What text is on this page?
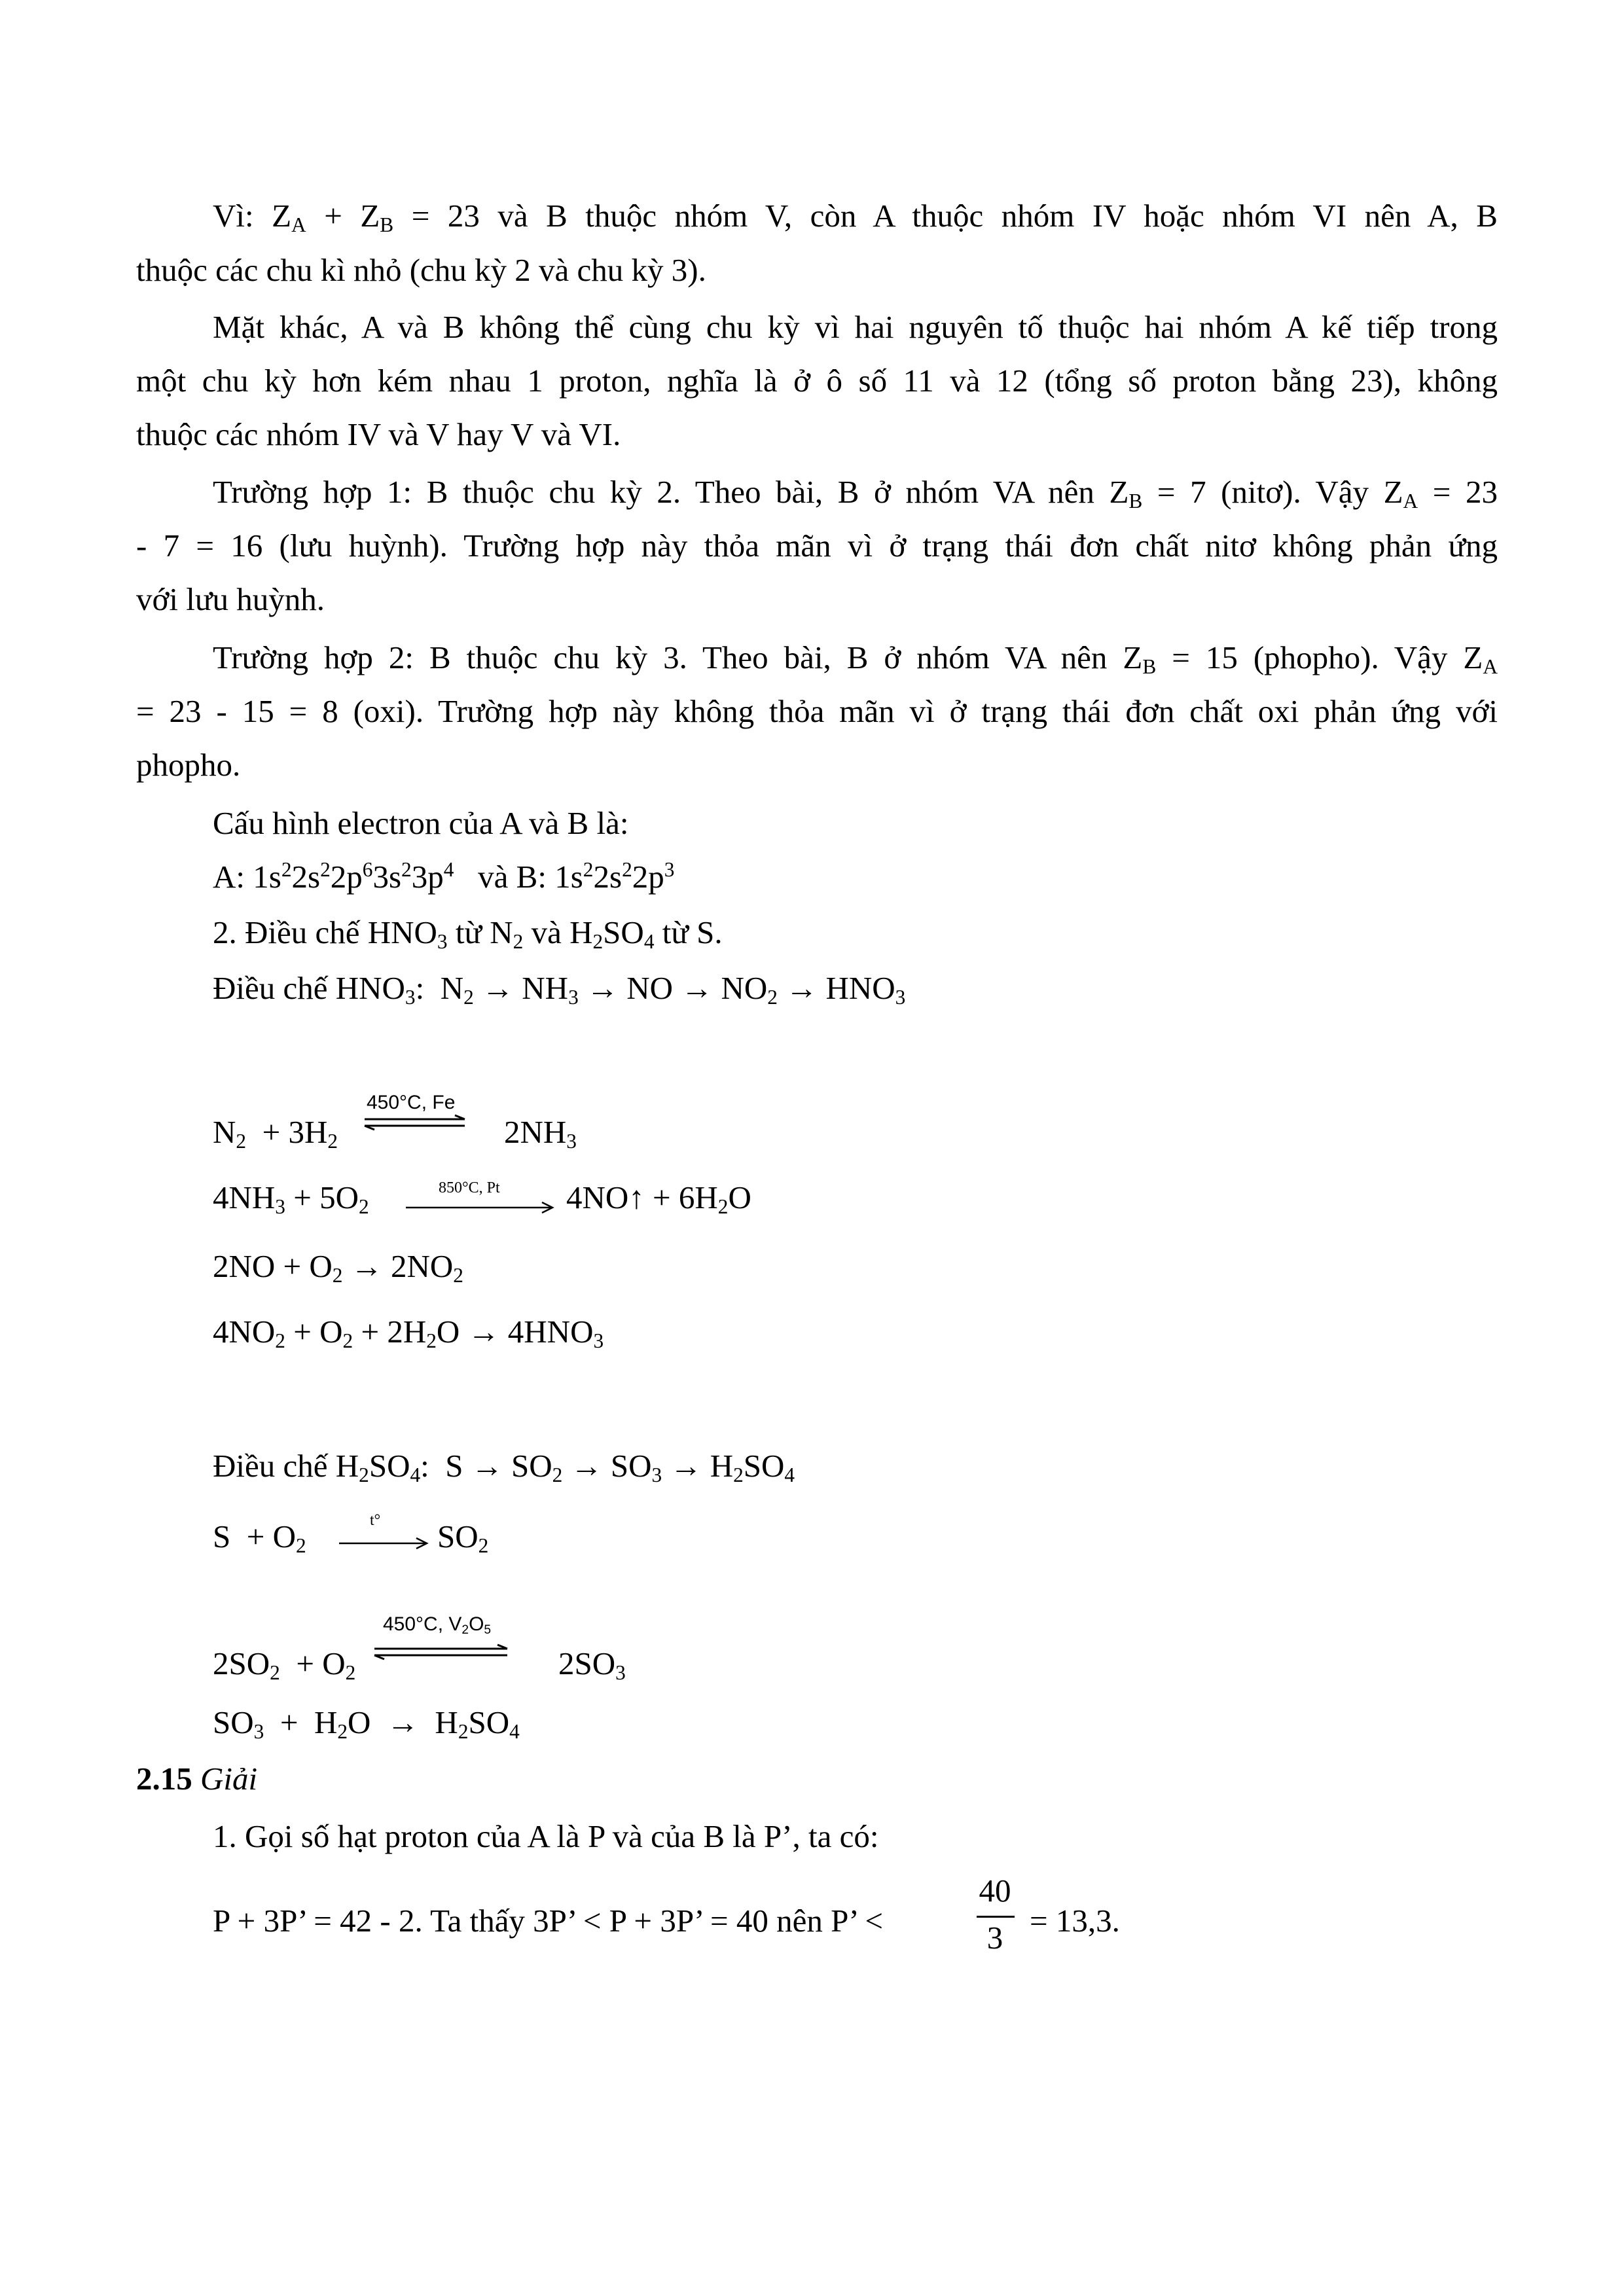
Vì: $Z_A + Z_B = 23$ và B thuộc nhóm V, còn A thuộc nhóm IV hoặc nhóm VI nên A, B
thuộc các chu kì nhỏ (chu kỳ 2 và chu kỳ 3).
Mặt khác, A và B không thể cùng chu kỳ vì hai nguyên tố thuộc hai nhóm A kế tiếp trong
một chu kỳ hơn kém nhau 1 proton, nghĩa là ở ô số 11 và 12 (tổng số proton bằng 23), không
thuộc các nhóm IV và V hay V và VI.
Trường hợp 1: B thuộc chu kỳ 2. Theo bài, B ở nhóm VA nên $Z_B = 7$ (nitơ). Vậy $Z_A = 23$
- 7 = 16 (lưu huỳnh). Trường hợp này thỏa mãn vì ở trạng thái đơn chất nitơ không phản ứng
với lưu huỳnh.
Trường hợp 2: B thuộc chu kỳ 3. Theo bài, B ở nhóm VA nên $Z_B = 15$ (phopho). Vậy $Z_A$
= 23 - 15 = 8 (oxi). Trường hợp này không thỏa mãn vì ở trạng thái đơn chất oxi phản ứng với
phopho.
Cấu hình electron của A và B là:
A: $1s^22s^22p^63s^23p^4$   và B: $1s^22s^22p^3$
2. Điều chế $HNO_3$ từ $N_2$ và $H_2SO_4$ từ S.
Điều chế $HNO_3$:  $N_2 \to NH_3$ → NO → $NO_2 \to HNO_3$
450°C, Fe
$N_2 + 3H_2$	$2NH_3$
$4NH_3 + 5O_2$
850°C, Pt 4NO↑ + $6H_2O$
$2NO + O_2 \to 2NO_2$
$4NO_2 + O_2 + 2H_2O \to 4HNO_3$
Điều chế $H_2SO_4$:  $S \to SO_2 \to SO_3 \to H_2SO_4$
$S + O_2$
t° $SO_2$
450°C, $V_2O_5$
$2SO_2 + O_2$	$2SO_3$
$SO_3 + H_2O \to H_2SO_4$
2.15 Giải
1. Gọi số hạt proton của A là P và của B là P’, ta có:
P + 3P’ = 42 - 2. Ta thấy 3P’ < P + 3P’ = 40 nên P’ <
40
3 = 13,3.
